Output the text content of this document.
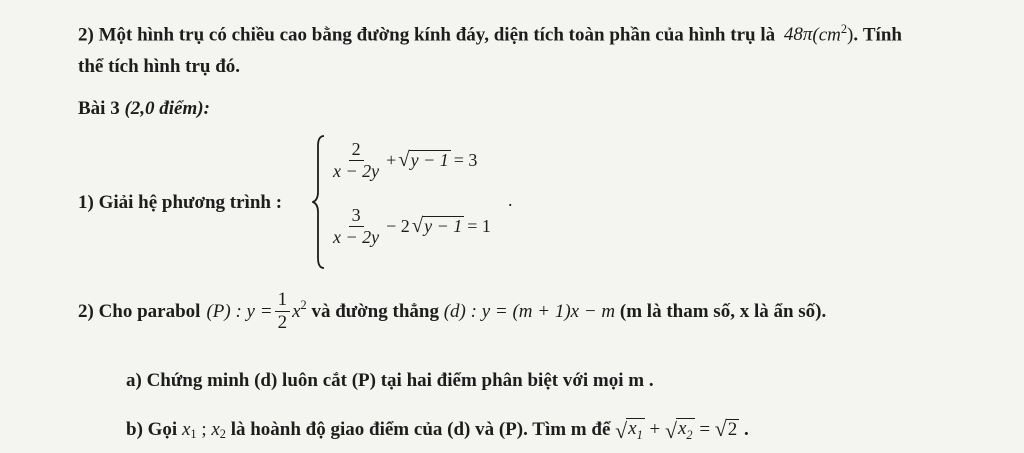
2) Một hình trụ có chiều cao bằng đường kính đáy, diện tích toàn phần của hình trụ là $48\pi(cm^2)$. Tính
thể tích hình trụ đó.
Bài 3 (2,0 điểm):
1) Giải hệ phương trình :
$\frac{2}{x - 2y}$ + √ y − 1 = 3
$\frac{3}{x - 2y} - 2$ √ y − 1 = 1
.
2) Cho parabol (P) : $y = \frac{1}{2} x^2$ và đường thẳng (d) : y = (m + 1)x − m (m là tham số, x là ẩn số).
a) Chứng minh (d) luôn cắt (P) tại hai điểm phân biệt với mọi m .
b) Gọi $x_1$ ; $x_2$ là hoành độ giao điểm của (d) và (P). Tìm m để √ $x_1$ + √ $x_2$ = √ 2 .
